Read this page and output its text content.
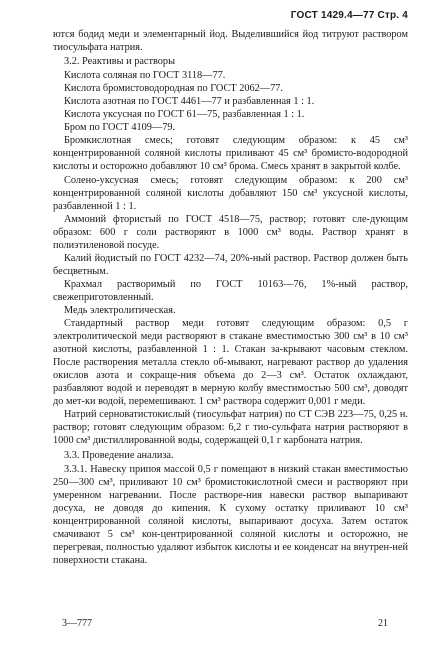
ГОСТ 1429.4—77 Стр. 4

ются бодид меди и элементарный йод. Выделившийся йод титруют раствором тиосульфата натрия.

3.2. Реактивы и растворы

Кислота соляная по ГОСТ 3118—77.

Кислота бромистоводородная по ГОСТ 2062—77.

Кислота азотная по ГОСТ 4461—77 и разбавленная 1 : 1.

Кислота уксусная по ГОСТ 61—75, разбавленная 1 : 1.

Бром по ГОСТ 4109—79.

Бромкислотная смесь; готовят следующим образом: к 45 см³ концентрированной соляной кислоты приливают 45 см³ бромисто-водородной кислоты и осторожно добавляют 10 см³ брома. Смесь хранят в закрытой колбе.

Солено-уксусная смесь; готовят следующим образом: к 200 см³ концентрированной соляной кислоты добавляют 150 см³ уксусной кислоты, разбавленной 1 : 1.

Аммоний фтористый по ГОСТ 4518—75, раствор; готовят сле-дующим образом: 600 г соли растворяют в 1000 см³ воды. Раствор хранят в полиэтиленовой посуде.

Калий йодистый по ГОСТ 4232—74, 20%-ный раствор. Раствор должен быть бесцветным.

Крахмал растворимый по ГОСТ 10163—76, 1%-ный раствор, свежеприготовленный.

Медь электролитическая.

Стандартный раствор меди готовят следующим образом: 0,5 г электролитической меди растворяют в стакане вместимостью 300 см³ в 10 см³ азотной кислоты, разбавленной 1 : 1. Стакан за-крывают часовым стеклом. После растворения металла стекло об-мывают, нагревают раствор до удаления окислов азота и сокраще-ния объема до 2—3 см³. Остаток охлаждают, разбавляют водой и переводят в мерную колбу вместимостью 500 см³, доводят до мет-ки водой, перемешивают. 1 см³ раствора содержит 0,001 г меди.

Натрий серноватистокислый (тиосульфат натрия) по СТ СЭВ 223—75, 0,25 н. раствор; готовят следующим образом: 6,2 г тио-сульфата натрия растворяют в 1000 см³ дистиллированной воды, содержащей 0,1 г карбоната натрия.

3.3. Проведение анализа.

3.3.1. Навеску припоя массой 0,5 г помещают в низкий стакан вместимостью 250—300 см³, приливают 10 см³ бромистокислотной смеси и растворяют при умеренном нагревании. После растворе-ния навески раствор выпаривают досуха, не доводя до кипения. К сухому остатку приливают 10 см³ концентрированной соляной кислоты, выпаривают досуха. Затем остаток смачивают 5 см³ кон-центрированной соляной кислоты и осторожно, не перегревая, полностью удаляют избыток кислоты и ее конденсат на внутрен-ней поверхности стакана.

3—777	21
